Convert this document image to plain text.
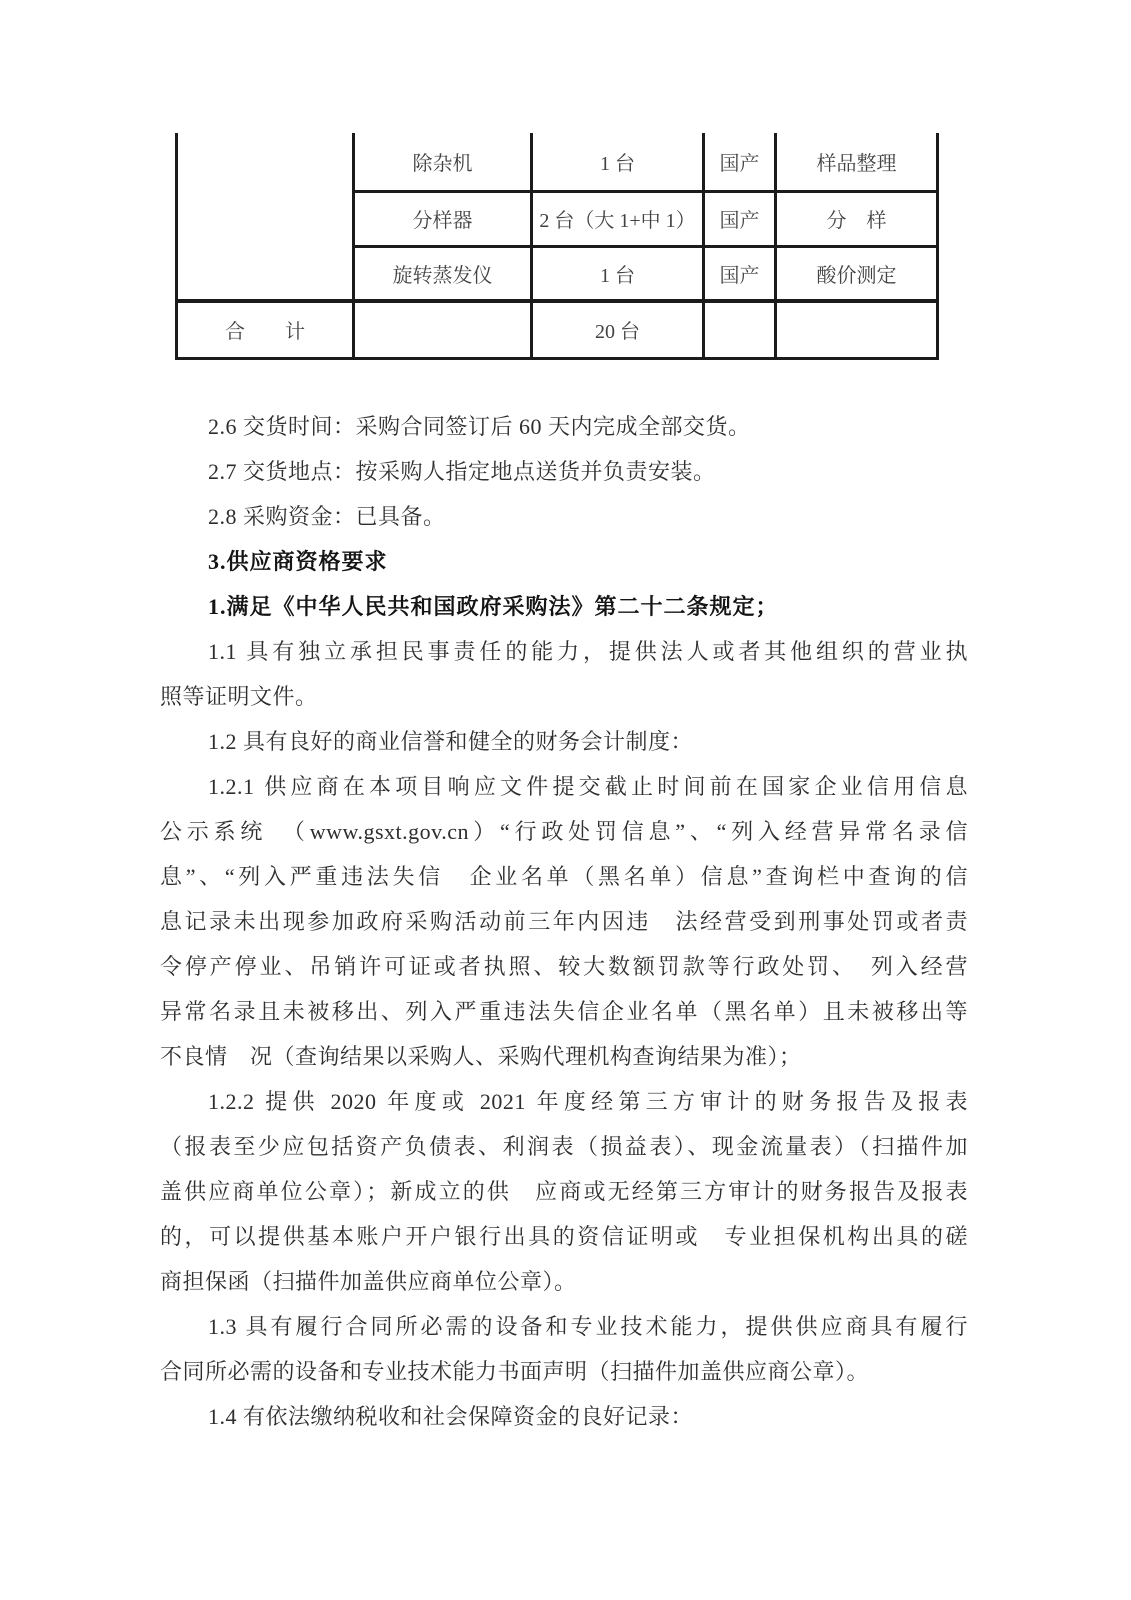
	除杂机	1 台	国产	样品整理
	分样器	2 台（大 1+中 1）	国产	分　样
	旋转蒸发仪	1 台	国产	酸价测定
合　　计		20 台		
2.6 交货时间：采购合同签订后 60 天内完成全部交货。
2.7 交货地点：按采购人指定地点送货并负责安装。
2.8 采购资金：已具备。
3.供应商资格要求
1.满足《中华人民共和国政府采购法》第二十二条规定；
1.1 具有独立承担民事责任的能力，提供法人或者其他组织的营业执
照等证明文件。
1.2 具有良好的商业信誉和健全的财务会计制度：
1.2.1 供应商在本项目响应文件提交截止时间前在国家企业信用信息
公示系统　（www.gsxt.gov.cn）“行政处罚信息”、“列入经营异常名录信
息”、“列入严重违法失信　企业名单（黑名单）信息”查询栏中查询的信
息记录未出现参加政府采购活动前三年内因违　法经营受到刑事处罚或者责
令停产停业、吊销许可证或者执照、较大数额罚款等行政处罚、　列入经营
异常名录且未被移出、列入严重违法失信企业名单（黑名单）且未被移出等
不良情　况（查询结果以采购人、采购代理机构查询结果为准）；
1.2.2 提供 2020 年度或 2021 年度经第三方审计的财务报告及报表
（报表至少应包括资产负债表、利润表（损益表）、现金流量表）（扫描件加
盖供应商单位公章）；新成立的供　应商或无经第三方审计的财务报告及报表
的，可以提供基本账户开户银行出具的资信证明或　专业担保机构出具的磋
商担保函（扫描件加盖供应商单位公章）。
1.3 具有履行合同所必需的设备和专业技术能力，提供供应商具有履行
合同所必需的设备和专业技术能力书面声明（扫描件加盖供应商公章）。
1.4 有依法缴纳税收和社会保障资金的良好记录：
